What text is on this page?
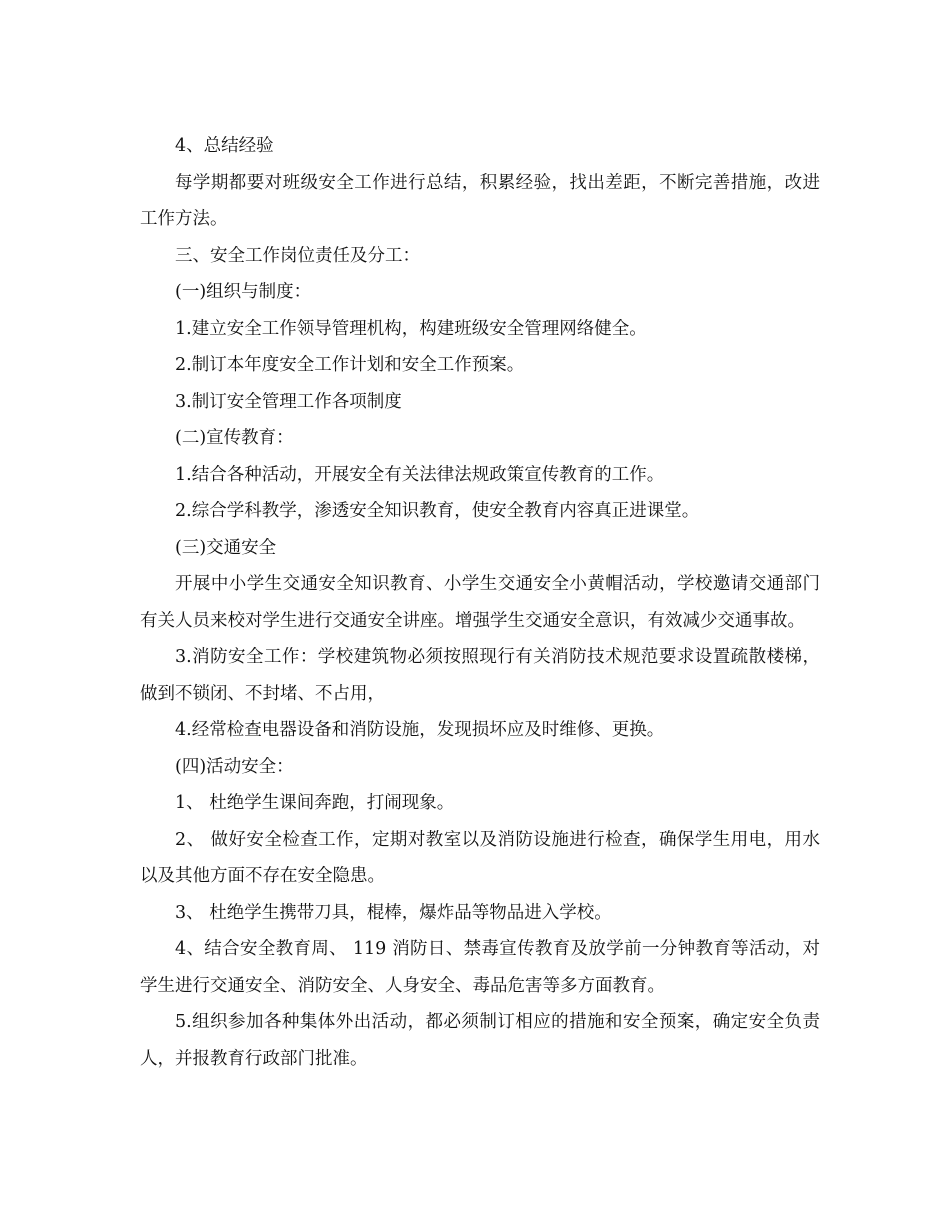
4、总结经验

每学期都要对班级安全工作进行总结，积累经验，找出差距，不断完善措施，改进工作方法。

三、安全工作岗位责任及分工：

(一)组织与制度：

1.建立安全工作领导管理机构，构建班级安全管理网络健全。

2.制订本年度安全工作计划和安全工作预案。

3.制订安全管理工作各项制度

(二)宣传教育：

1.结合各种活动，开展安全有关法律法规政策宣传教育的工作。

2.综合学科教学，渗透安全知识教育，使安全教育内容真正进课堂。

(三)交通安全

开展中小学生交通安全知识教育、小学生交通安全小黄帽活动，学校邀请交通部门有关人员来校对学生进行交通安全讲座。增强学生交通安全意识，有效减少交通事故。

3.消防安全工作：学校建筑物必须按照现行有关消防技术规范要求设置疏散楼梯，做到不锁闭、不封堵、不占用，

4.经常检查电器设备和消防设施，发现损坏应及时维修、更换。

(四)活动安全：

1、 杜绝学生课间奔跑，打闹现象。

2、 做好安全检查工作，定期对教室以及消防设施进行检查，确保学生用电，用水以及其他方面不存在安全隐患。

3、 杜绝学生携带刀具，棍棒，爆炸品等物品进入学校。

4、结合安全教育周、 119 消防日、禁毒宣传教育及放学前一分钟教育等活动，对学生进行交通安全、消防安全、人身安全、毒品危害等多方面教育。

5.组织参加各种集体外出活动，都必须制订相应的措施和安全预案，确定安全负责人，并报教育行政部门批准。
